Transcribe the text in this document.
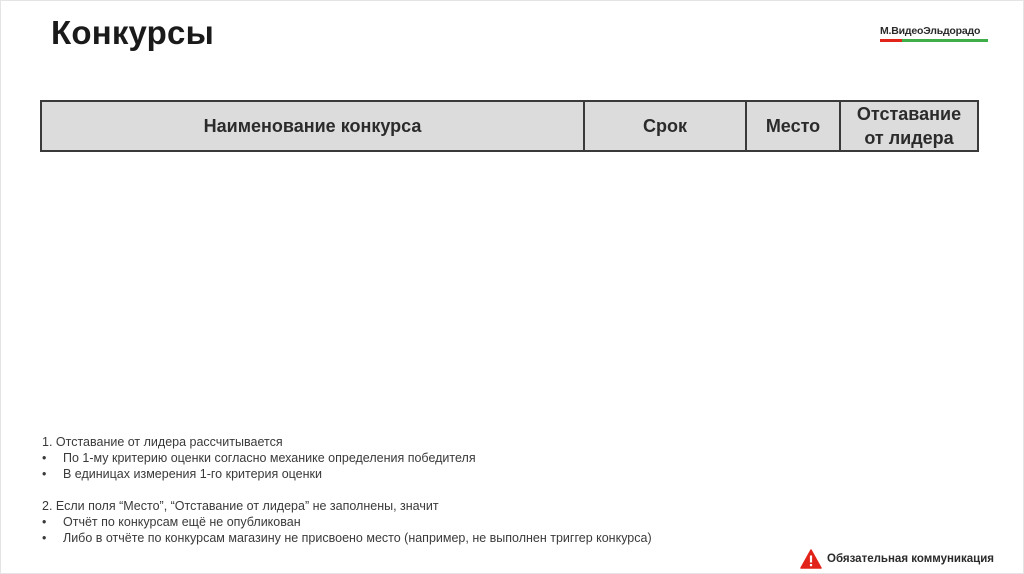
Конкурсы	М.ВидеоЭльдорадо
Наименование конкурса	Срок	Место	Отставание от лидера
1. Отставание от лидера рассчитывается
• По 1-му критерию оценки согласно механике определения победителя
• В единицах измерения 1-го критерия оценки
2. Если поля “Место”, “Отставание от лидера” не заполнены, значит
• Отчёт по конкурсам ещё не опубликован
• Либо в отчёте по конкурсам магазину не присвоено место (например, не выполнен триггер конкурса)
Обязательная коммуникация
